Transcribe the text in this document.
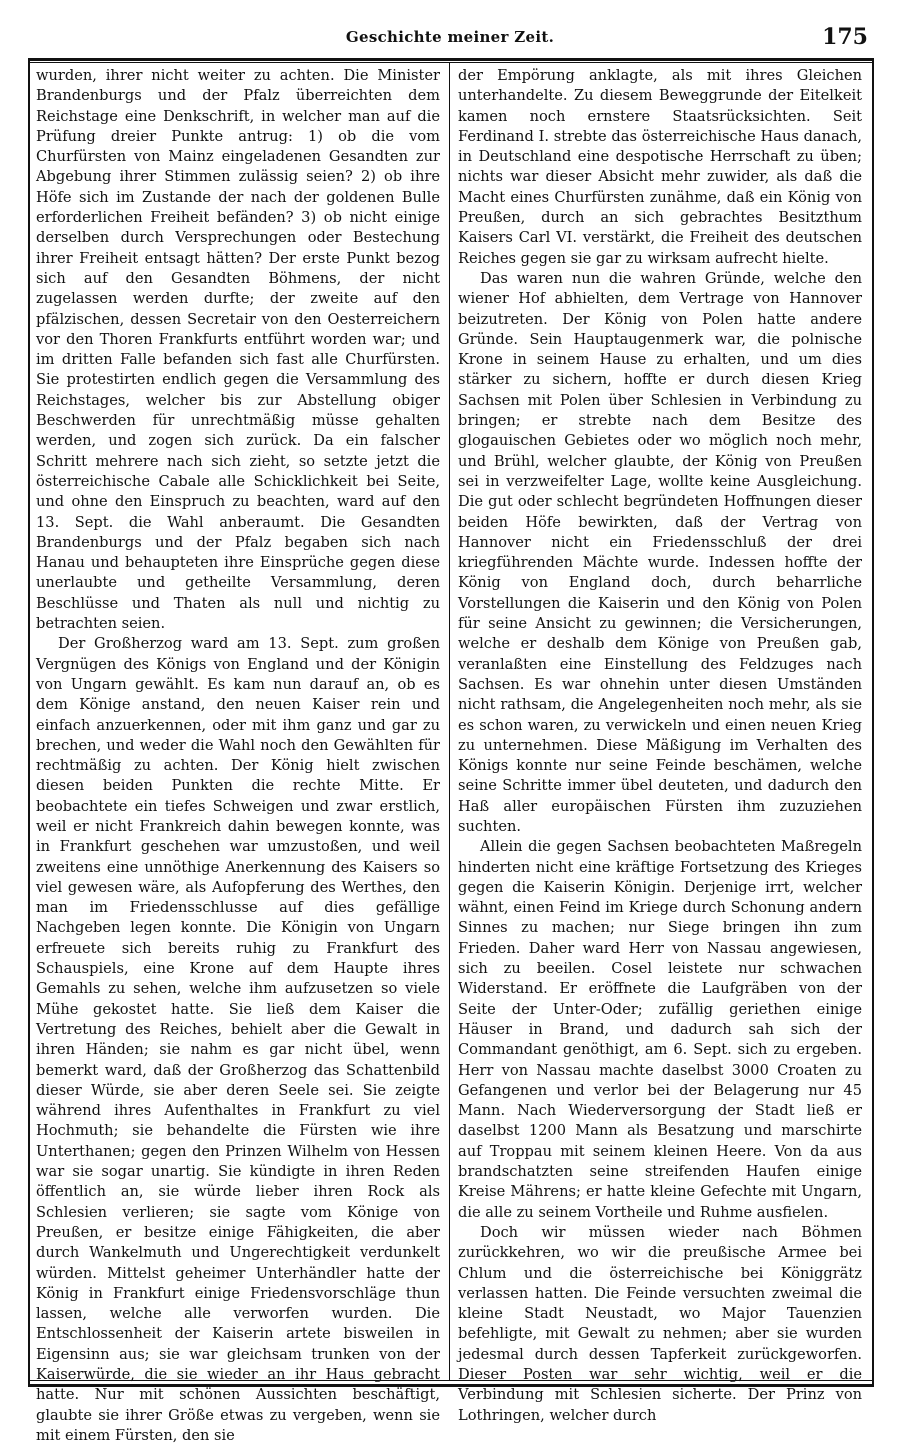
Geschichte meiner Zeit.	175

wurden, ihrer nicht weiter zu achten. Die Minister Brandenburgs und der Pfalz überreichten dem Reichstage eine Denkschrift, in welcher man auf die Prüfung dreier Punkte antrug: 1) ob die vom Churfürsten von Mainz eingeladenen Gesandten zur Abgebung ihrer Stimmen zulässig seien? 2) ob ihre Höfe sich im Zustande der nach der goldenen Bulle erforderlichen Freiheit befänden? 3) ob nicht einige derselben durch Versprechungen oder Bestechung ihrer Freiheit entsagt hätten? Der erste Punkt bezog sich auf den Gesandten Böhmens, der nicht zugelassen werden durfte; der zweite auf den pfälzischen, dessen Secretair von den Oesterreichern vor den Thoren Frankfurts entführt worden war; und im dritten Falle befanden sich fast alle Churfürsten. Sie protestirten endlich gegen die Versammlung des Reichstages, welcher bis zur Abstellung obiger Beschwerden für unrechtmäßig müsse gehalten werden, und zogen sich zurück. Da ein falscher Schritt mehrere nach sich zieht, so setzte jetzt die österreichische Cabale alle Schicklichkeit bei Seite, und ohne den Einspruch zu beachten, ward auf den 13. Sept. die Wahl anberaumt. Die Gesandten Brandenburgs und der Pfalz begaben sich nach Hanau und behaupteten ihre Einsprüche gegen diese unerlaubte und getheilte Versammlung, deren Beschlüsse und Thaten als null und nichtig zu betrachten seien.

Der Großherzog ward am 13. Sept. zum großen Vergnügen des Königs von England und der Königin von Ungarn gewählt. Es kam nun darauf an, ob es dem Könige anstand, den neuen Kaiser rein und einfach anzuerkennen, oder mit ihm ganz und gar zu brechen, und weder die Wahl noch den Gewählten für rechtmäßig zu achten. Der König hielt zwischen diesen beiden Punkten die rechte Mitte. Er beobachtete ein tiefes Schweigen und zwar erstlich, weil er nicht Frankreich dahin bewegen konnte, was in Frankfurt geschehen war umzustoßen, und weil zweitens eine unnöthige Anerkennung des Kaisers so viel gewesen wäre, als Aufopferung des Werthes, den man im Friedensschlusse auf dies gefällige Nachgeben legen konnte. Die Königin von Ungarn erfreuete sich bereits ruhig zu Frankfurt des Schauspiels, eine Krone auf dem Haupte ihres Gemahls zu sehen, welche ihm aufzusetzen so viele Mühe gekostet hatte. Sie ließ dem Kaiser die Vertretung des Reiches, behielt aber die Gewalt in ihren Händen; sie nahm es gar nicht übel, wenn bemerkt ward, daß der Großherzog das Schattenbild dieser Würde, sie aber deren Seele sei. Sie zeigte während ihres Aufenthaltes in Frankfurt zu viel Hochmuth; sie behandelte die Fürsten wie ihre Unterthanen; gegen den Prinzen Wilhelm von Hessen war sie sogar unartig. Sie kündigte in ihren Reden öffentlich an, sie würde lieber ihren Rock als Schlesien verlieren; sie sagte vom Könige von Preußen, er besitze einige Fähigkeiten, die aber durch Wankelmuth und Ungerechtigkeit verdunkelt würden. Mittelst geheimer Unterhändler hatte der König in Frankfurt einige Friedensvorschläge thun lassen, welche alle verworfen wurden. Die Entschlossenheit der Kaiserin artete bisweilen in Eigensinn aus; sie war gleichsam trunken von der Kaiserwürde, die sie wieder an ihr Haus gebracht hatte. Nur mit schönen Aussichten beschäftigt, glaubte sie ihrer Größe etwas zu vergeben, wenn sie mit einem Fürsten, den sie

der Empörung anklagte, als mit ihres Gleichen unterhandelte. Zu diesem Beweggrunde der Eitelkeit kamen noch ernstere Staatsrücksichten. Seit Ferdinand I. strebte das österreichische Haus danach, in Deutschland eine despotische Herrschaft zu üben; nichts war dieser Absicht mehr zuwider, als daß die Macht eines Churfürsten zunähme, daß ein König von Preußen, durch an sich gebrachtes Besitzthum Kaisers Carl VI. verstärkt, die Freiheit des deutschen Reiches gegen sie gar zu wirksam aufrecht hielte.

Das waren nun die wahren Gründe, welche den wiener Hof abhielten, dem Vertrage von Hannover beizutreten. Der König von Polen hatte andere Gründe. Sein Hauptaugenmerk war, die polnische Krone in seinem Hause zu erhalten, und um dies stärker zu sichern, hoffte er durch diesen Krieg Sachsen mit Polen über Schlesien in Verbindung zu bringen; er strebte nach dem Besitze des glogauischen Gebietes oder wo möglich noch mehr, und Brühl, welcher glaubte, der König von Preußen sei in verzweifelter Lage, wollte keine Ausgleichung. Die gut oder schlecht begründeten Hoffnungen dieser beiden Höfe bewirkten, daß der Vertrag von Hannover nicht ein Friedensschluß der drei kriegführenden Mächte wurde. Indessen hoffte der König von England doch, durch beharrliche Vorstellungen die Kaiserin und den König von Polen für seine Ansicht zu gewinnen; die Versicherungen, welche er deshalb dem Könige von Preußen gab, veranlaßten eine Einstellung des Feldzuges nach Sachsen. Es war ohnehin unter diesen Umständen nicht rathsam, die Angelegenheiten noch mehr, als sie es schon waren, zu verwickeln und einen neuen Krieg zu unternehmen. Diese Mäßigung im Verhalten des Königs konnte nur seine Feinde beschämen, welche seine Schritte immer übel deuteten, und dadurch den Haß aller europäischen Fürsten ihm zuzuziehen suchten.

Allein die gegen Sachsen beobachteten Maßregeln hinderten nicht eine kräftige Fortsetzung des Krieges gegen die Kaiserin Königin. Derjenige irrt, welcher wähnt, einen Feind im Kriege durch Schonung andern Sinnes zu machen; nur Siege bringen ihn zum Frieden. Daher ward Herr von Nassau angewiesen, sich zu beeilen. Cosel leistete nur schwachen Widerstand. Er eröffnete die Laufgräben von der Seite der Unter-Oder; zufällig geriethen einige Häuser in Brand, und dadurch sah sich der Commandant genöthigt, am 6. Sept. sich zu ergeben. Herr von Nassau machte daselbst 3000 Croaten zu Gefangenen und verlor bei der Belagerung nur 45 Mann. Nach Wiederversorgung der Stadt ließ er daselbst 1200 Mann als Besatzung und marschirte auf Troppau mit seinem kleinen Heere. Von da aus brandschatzten seine streifenden Haufen einige Kreise Mährens; er hatte kleine Gefechte mit Ungarn, die alle zu seinem Vortheile und Ruhme ausfielen.

Doch wir müssen wieder nach Böhmen zurückkehren, wo wir die preußische Armee bei Chlum und die österreichische bei Königgrätz verlassen hatten. Die Feinde versuchten zweimal die kleine Stadt Neustadt, wo Major Tauenzien befehligte, mit Gewalt zu nehmen; aber sie wurden jedesmal durch dessen Tapferkeit zurückgeworfen. Dieser Posten war sehr wichtig, weil er die Verbindung mit Schlesien sicherte. Der Prinz von Lothringen, welcher durch
